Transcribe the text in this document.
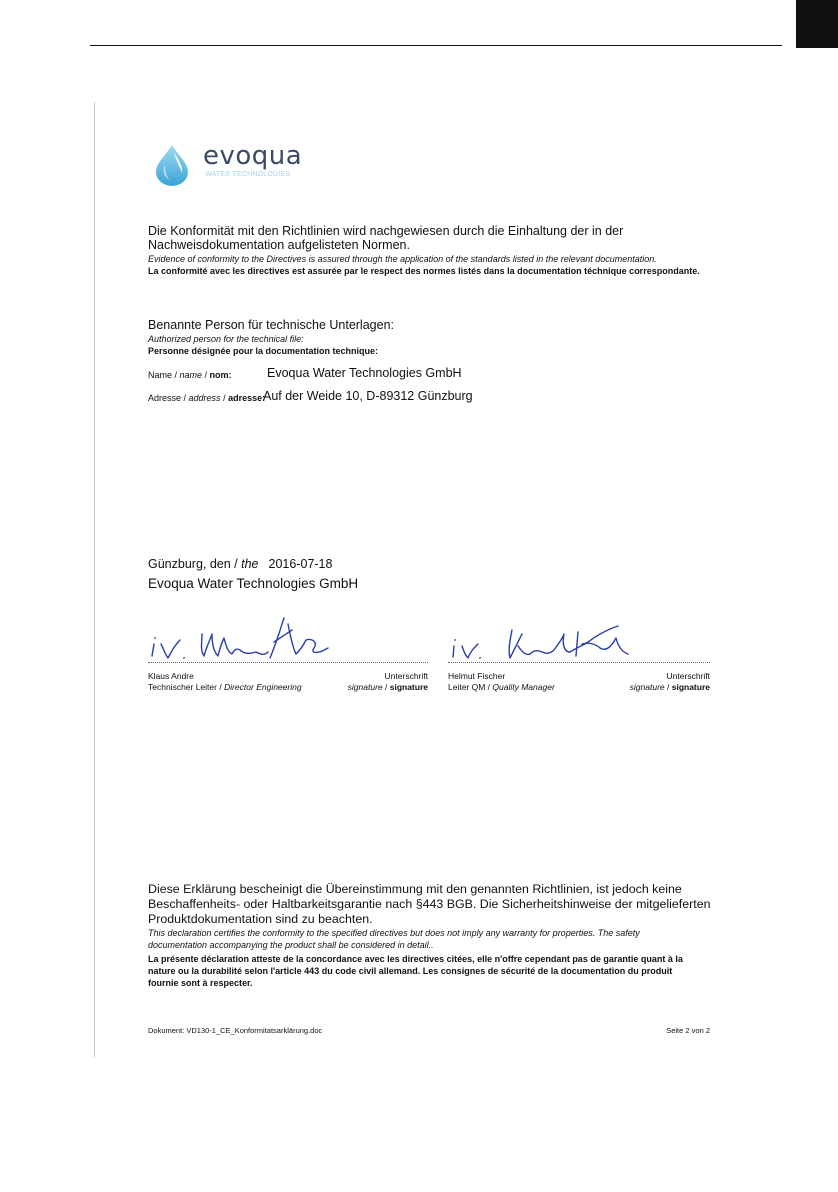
evoqua
WATER TECHNOLOGIES
Die Konformität mit den Richtlinien wird nachgewiesen durch die Einhaltung der in der
Nachweisdokumentation aufgelisteten Normen.
Evidence of conformity to the Directives is assured through the application of the standards listed in the relevant documentation.
La conformité avec les directives est assurée par le respect des normes listés dans la documentation téchnique correspondante.
Benannte Person für technische Unterlagen:
Authorized person for the technical file:
Personne désignée pour la documentation technique:
Name / name / nom:	Evoqua Water Technologies GmbH
Adresse / address / adresse:
Auf der Weide 10, D-89312 Günzburg
Günzburg, den / the 2016-07-18
Evoqua Water Technologies GmbH
Klaus Andre
Technischer Leiter / Director Engineering
Unterschrift
signature / signature
Helmut Fischer
Leiter QM / Quality Manager
Unterschrift
signature / signature
Diese Erklärung bescheinigt die Übereinstimmung mit den genannten Richtlinien, ist jedoch keine
Beschaffenheits- oder Haltbarkeitsgarantie nach §443 BGB. Die Sicherheitshinweise der mitgelieferten
Produktdokumentation sind zu beachten.
This declaration certifies the conformity to the specified directives but does not imply any warranty for properties. The safety
documentation accompanying the product shall be considered in detail..
La présente déclaration atteste de la concordance avec les directives citées, elle n'offre cependant pas de garantie quant à la
nature ou la durabilité selon l'article 443 du code civil allemand. Les consignes de sécurité de la documentation du produit
fournie sont à respecter.
Dokument: VD130-1_CE_Konformitatsarklärung.doc	Seite 2 von 2
